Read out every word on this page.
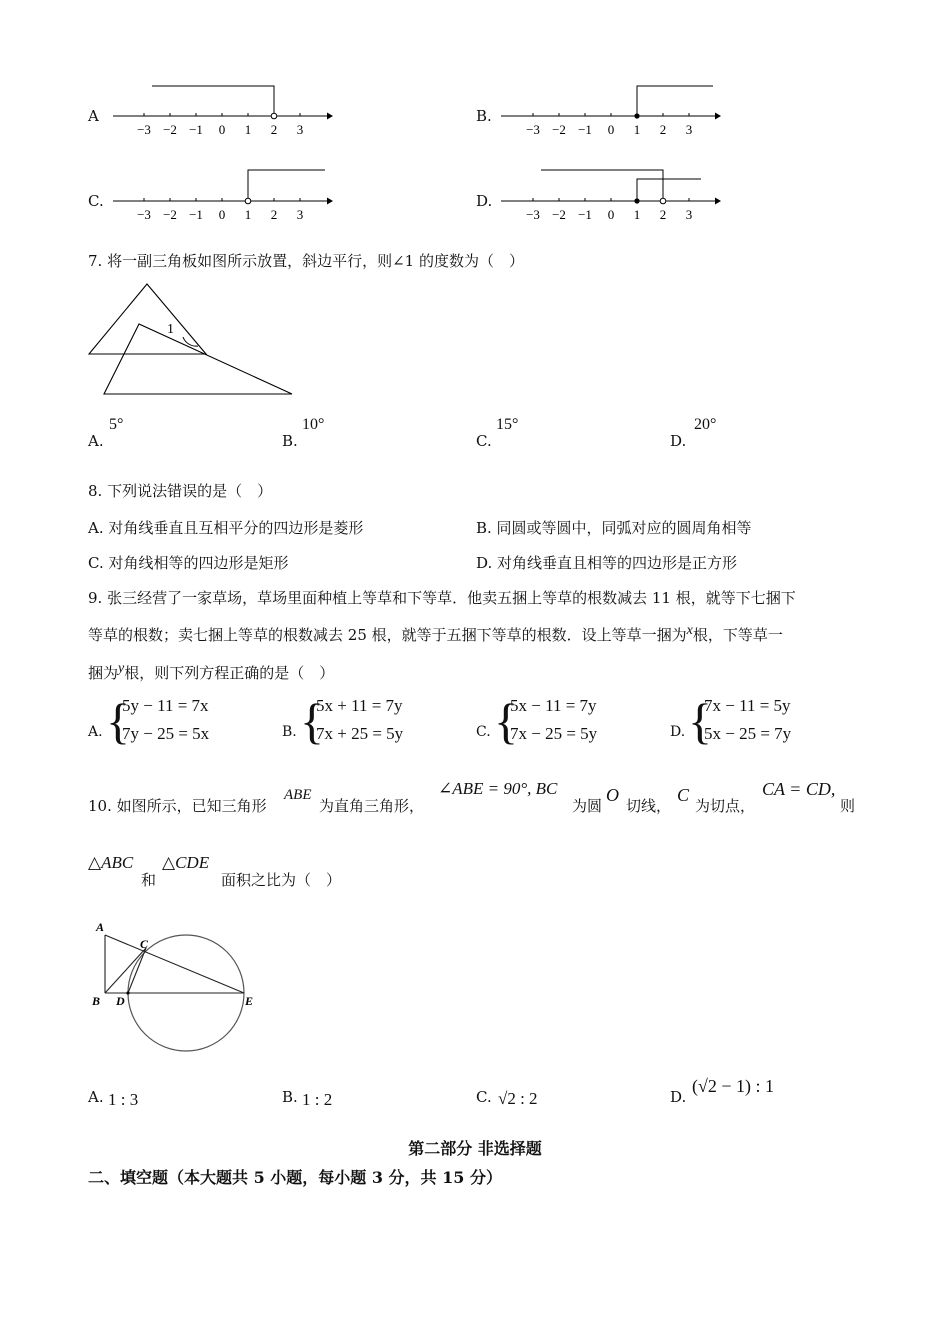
A
−3 −2 −1 0 1 2 3
B.
−3 −2 −1 0 1 2 3
C.
−3 −2 −1 0 1 2 3
D.
−3 −2 −1 0 1 2 3
7. 将一副三角板如图所示放置，斜边平行，则∠1 的度数为（　）
1
A.
5°
B.
10°
C.
15°
D.
20°
8. 下列说法错误的是（　）
A. 对角线垂直且互相平分的四边形是菱形	B. 同圆或等圆中，同弧对应的圆周角相等
C. 对角线相等的四边形是矩形	D. 对角线垂直且相等的四边形是正方形
9. 张三经营了一家草场，草场里面种植上等草和下等草．他卖五捆上等草的根数减去 11 根，就等下七捆下
等草的根数；卖七捆上等草的根数减去 25 根，就等于五捆下等草的根数．设上等草一捆为x根，下等草一
捆为y根，则下列方程正确的是（　）
A. {
5y − 11 = 7x
7y − 25 = 5x	B. {
5x + 11 = 7y
7x + 25 = 5y	C. {
5x − 11 = 7y
7x − 25 = 5y	D. {
7x − 11 = 5y
5x − 25 = 7y
10. 如图所示，已知三角形
ABE
为直角三角形，
∠ABE = 90°, BC
为圆
O
切线，
C
为切点，
CA = CD,
则
△ABC
和
△CDE
面积之比为（　）
A
B
C
D	E
A. 1 : 3	B. 1 : 2	C. √2 : 2	D.
(√2 − 1) : 1
第二部分 非选择题
二、填空题（本大题共 5 小题，每小题 3 分，共 15 分）
